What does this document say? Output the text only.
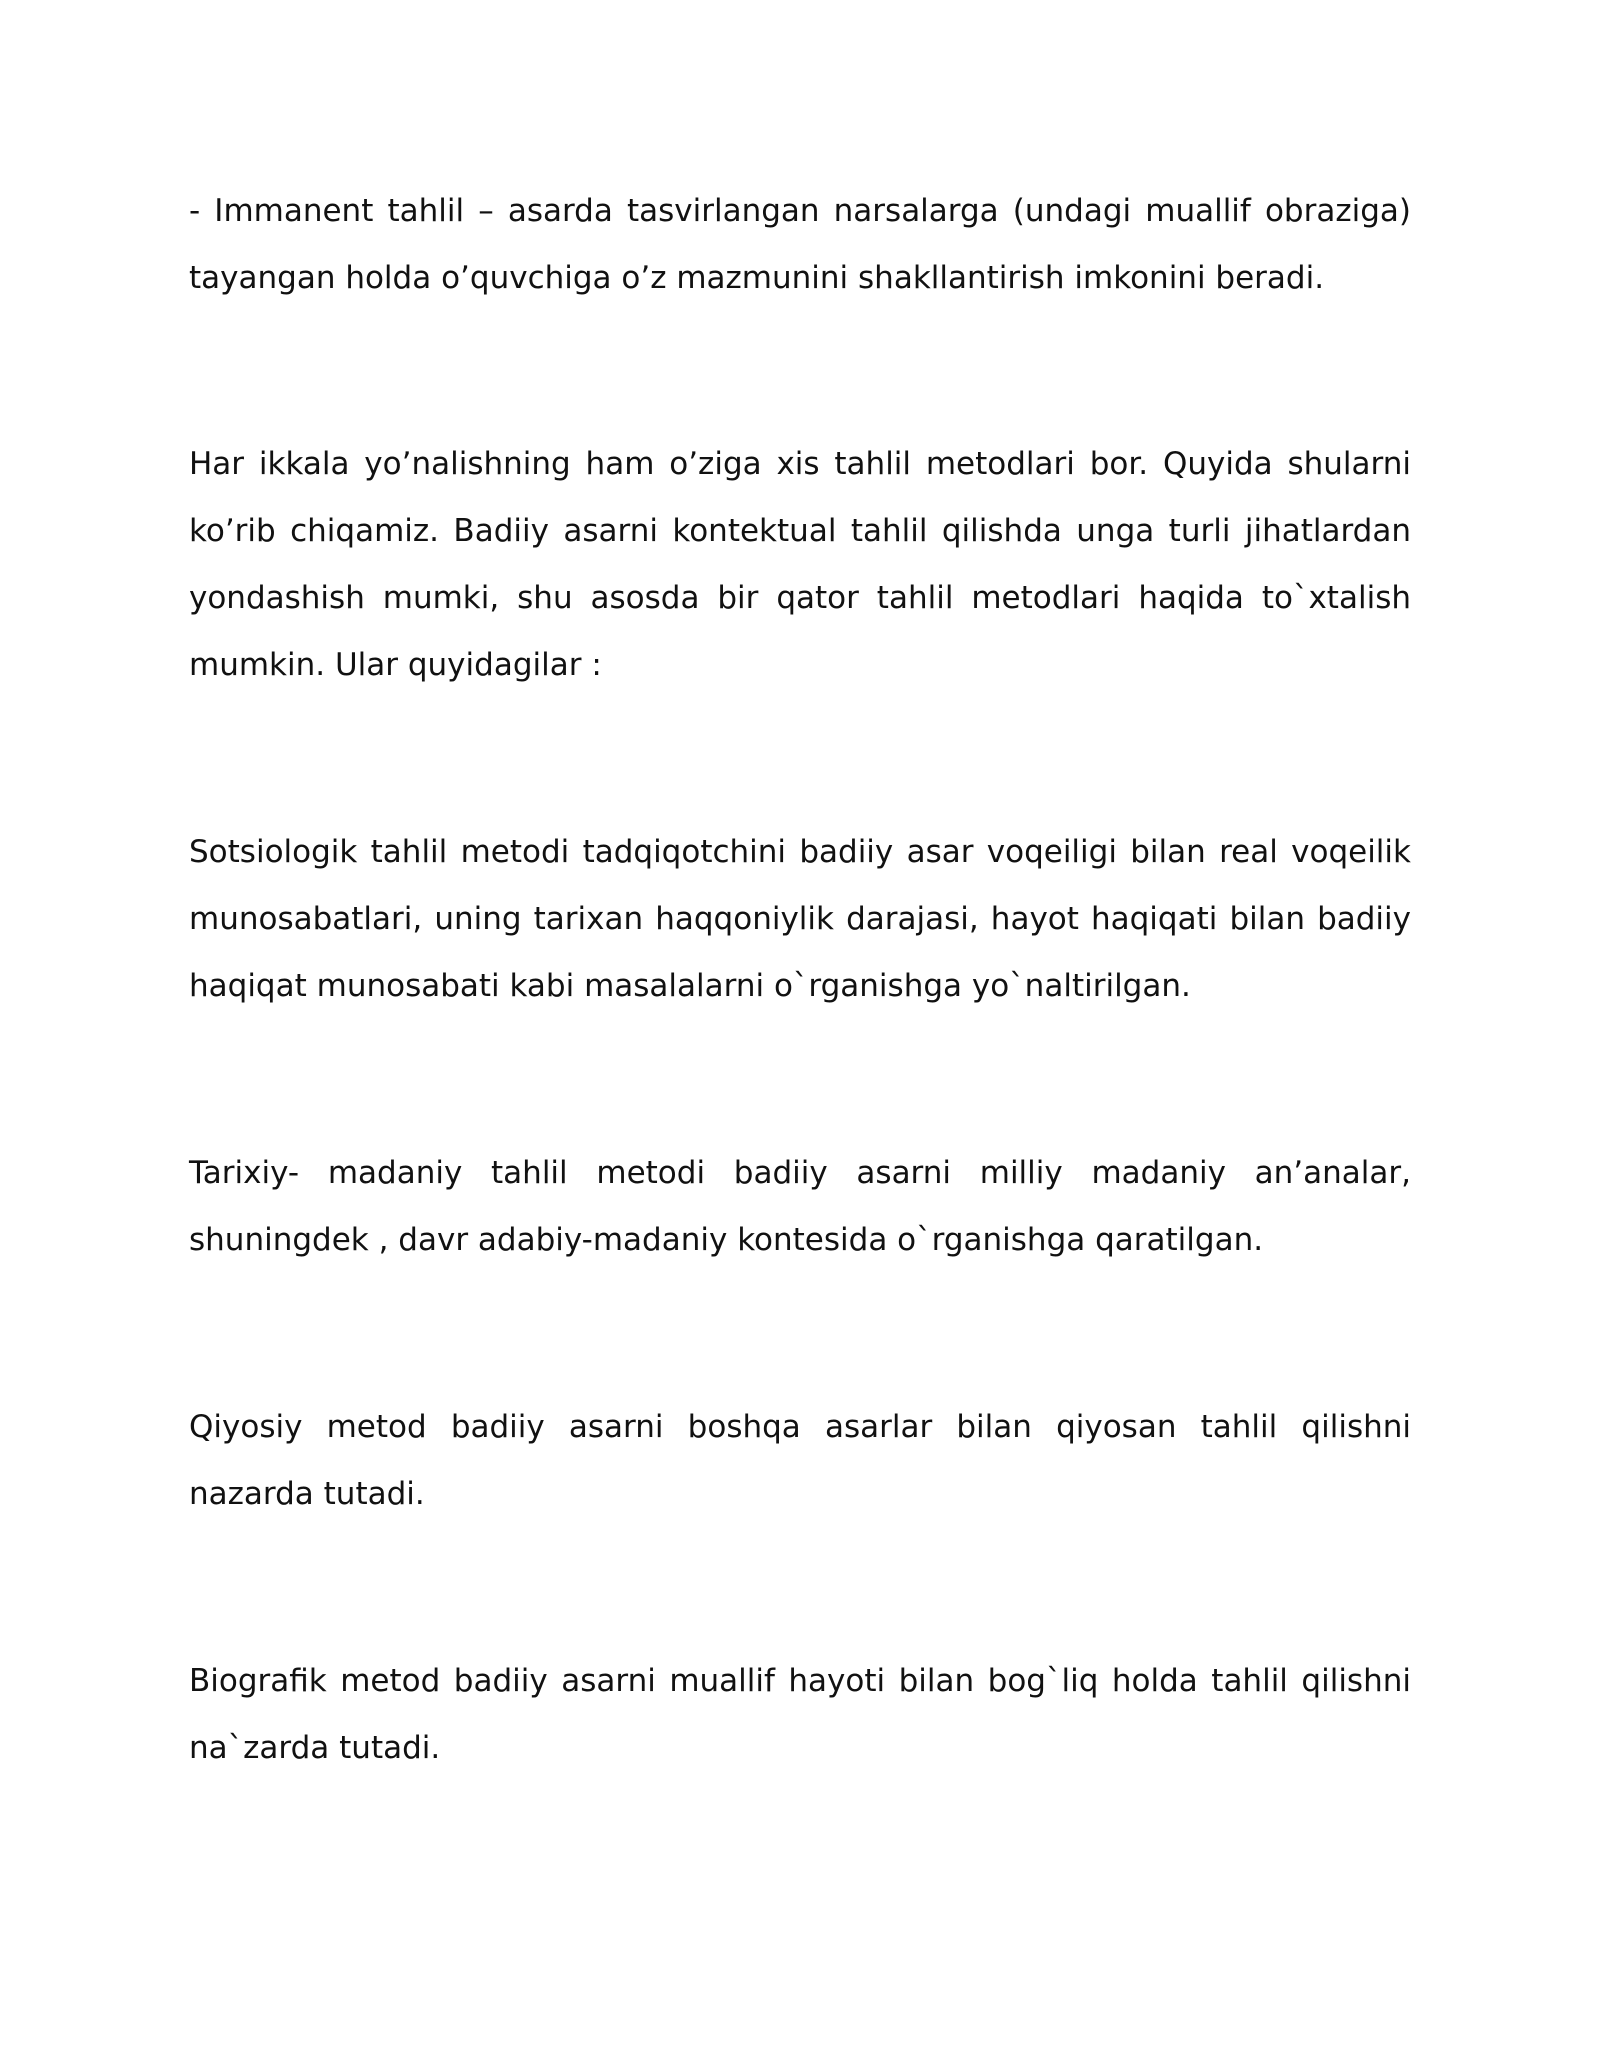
- Immanent tahlil – asarda tasvirlangan narsalarga (undagi muallif obraziga) tayangan holda o’quvchiga o’z mazmunini shakllantirish imkonini beradi.

Har ikkala yo’nalishning ham o’ziga xis tahlil metodlari bor. Quyida shularni ko’rib chiqamiz. Badiiy asarni kontektual tahlil qilishda unga turli jihatlardan yondashish mumki, shu asosda bir qator tahlil metodlari haqida to`xtalish mumkin. Ular quyidagilar :

Sotsiologik tahlil metodi tadqiqotchini badiiy asar voqeiligi bilan real voqeilik munosabatlari, uning tarixan haqqoniylik darajasi, hayot haqiqati bilan badiiy haqiqat munosabati kabi masalalarni o`rganishga yo`naltirilgan.

Tarixiy- madaniy tahlil metodi badiiy asarni milliy madaniy an’analar, shuningdek , davr adabiy-madaniy kontesida o`rganishga qaratilgan.

Qiyosiy metod badiiy asarni boshqa asarlar bilan qiyosan tahlil qilishni nazarda tutadi.

Biografik metod badiiy asarni muallif hayoti bilan bog`liq holda tahlil qilishni na`zarda tutadi.
